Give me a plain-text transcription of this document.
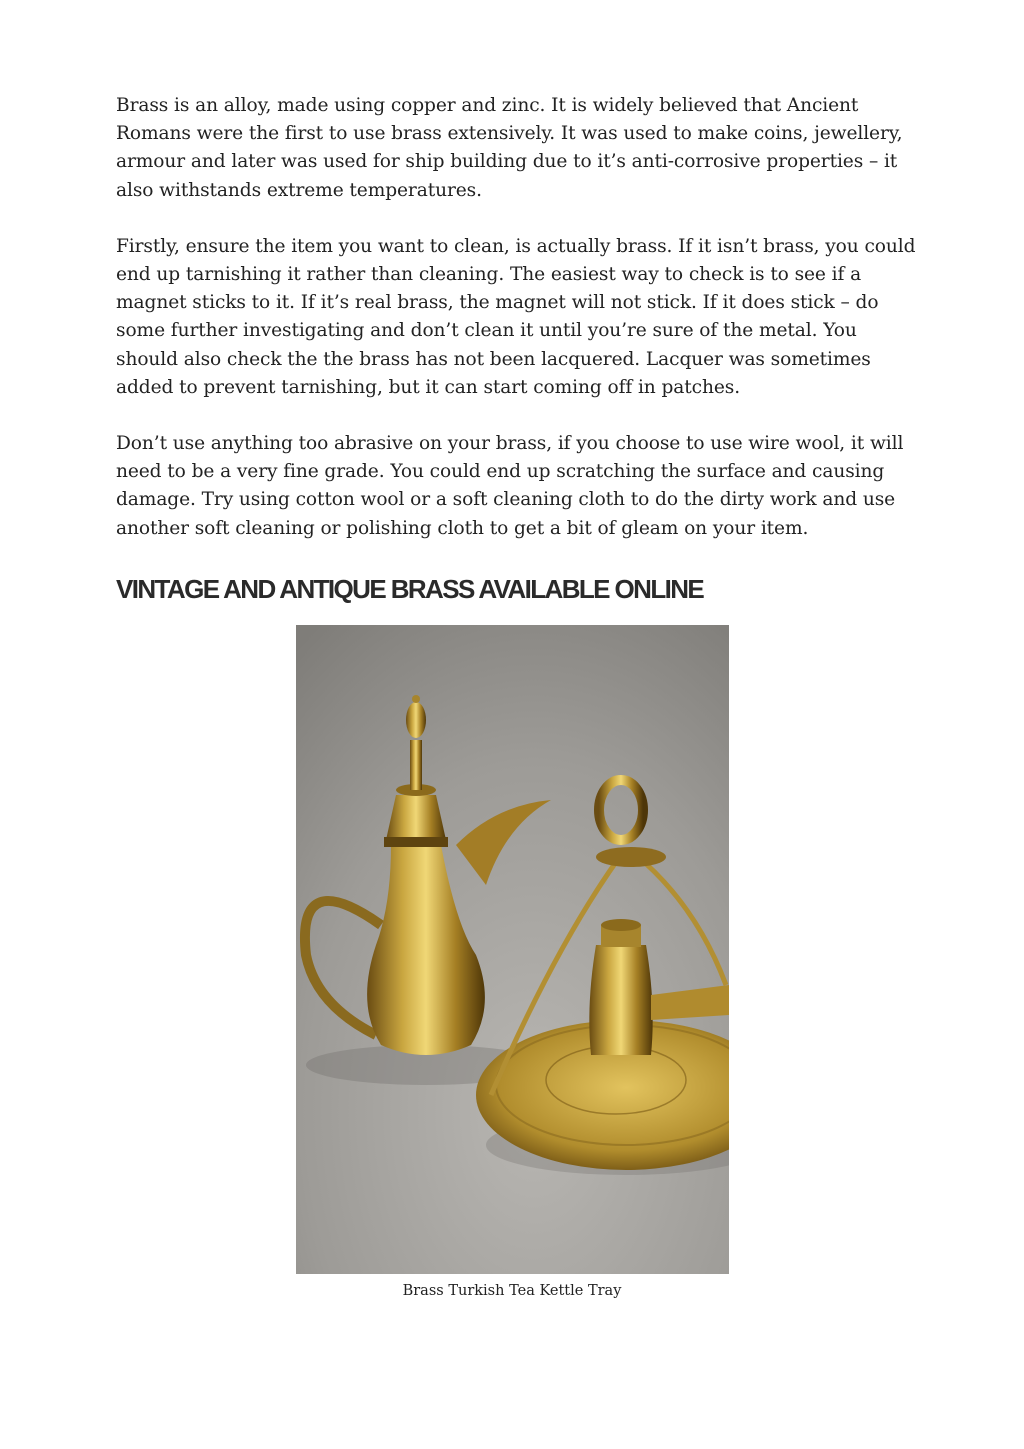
Brass is an alloy, made using copper and zinc. It is widely believed that Ancient Romans were the first to use brass extensively. It was used to make coins, jewellery, armour and later was used for ship building due to it’s anti-corrosive properties – it also withstands extreme temperatures.

Firstly, ensure the item you want to clean, is actually brass. If it isn’t brass, you could end up tarnishing it rather than cleaning. The easiest way to check is to see if a magnet sticks to it. If it’s real brass, the magnet will not stick. If it does stick – do some further investigating and don’t clean it until you’re sure of the metal. You should also check the the brass has not been lacquered. Lacquer was sometimes added to prevent tarnishing, but it can start coming off in patches.

Don’t use anything too abrasive on your brass, if you choose to use wire wool, it will need to be a very fine grade. You could end up scratching the surface and causing damage. Try using cotton wool or a soft cleaning cloth to do the dirty work and use another soft cleaning or polishing cloth to get a bit of gleam on your item.

VINTAGE AND ANTIQUE BRASS AVAILABLE ONLINE
Brass Turkish Tea Kettle Tray
